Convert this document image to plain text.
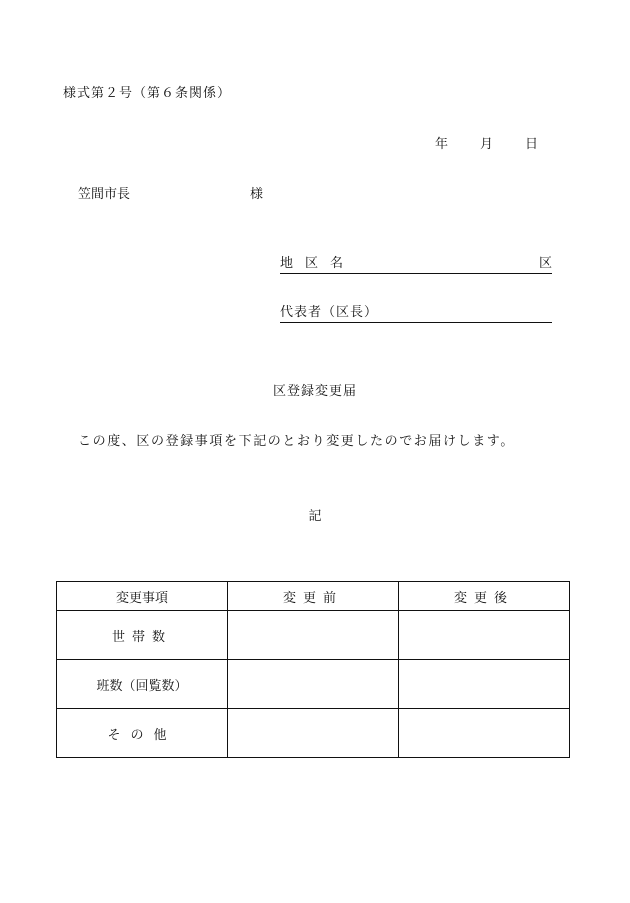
様式第２号（第６条関係）
年 月 日
笠間市長	様
地区名	区
代表者（区長）
区登録変更届
この度、区の登録事項を下記のとおり変更したのでお届けします。
記
変更事項	変更前	変更後
世帯数		
班数（回覧数）		
その他		
